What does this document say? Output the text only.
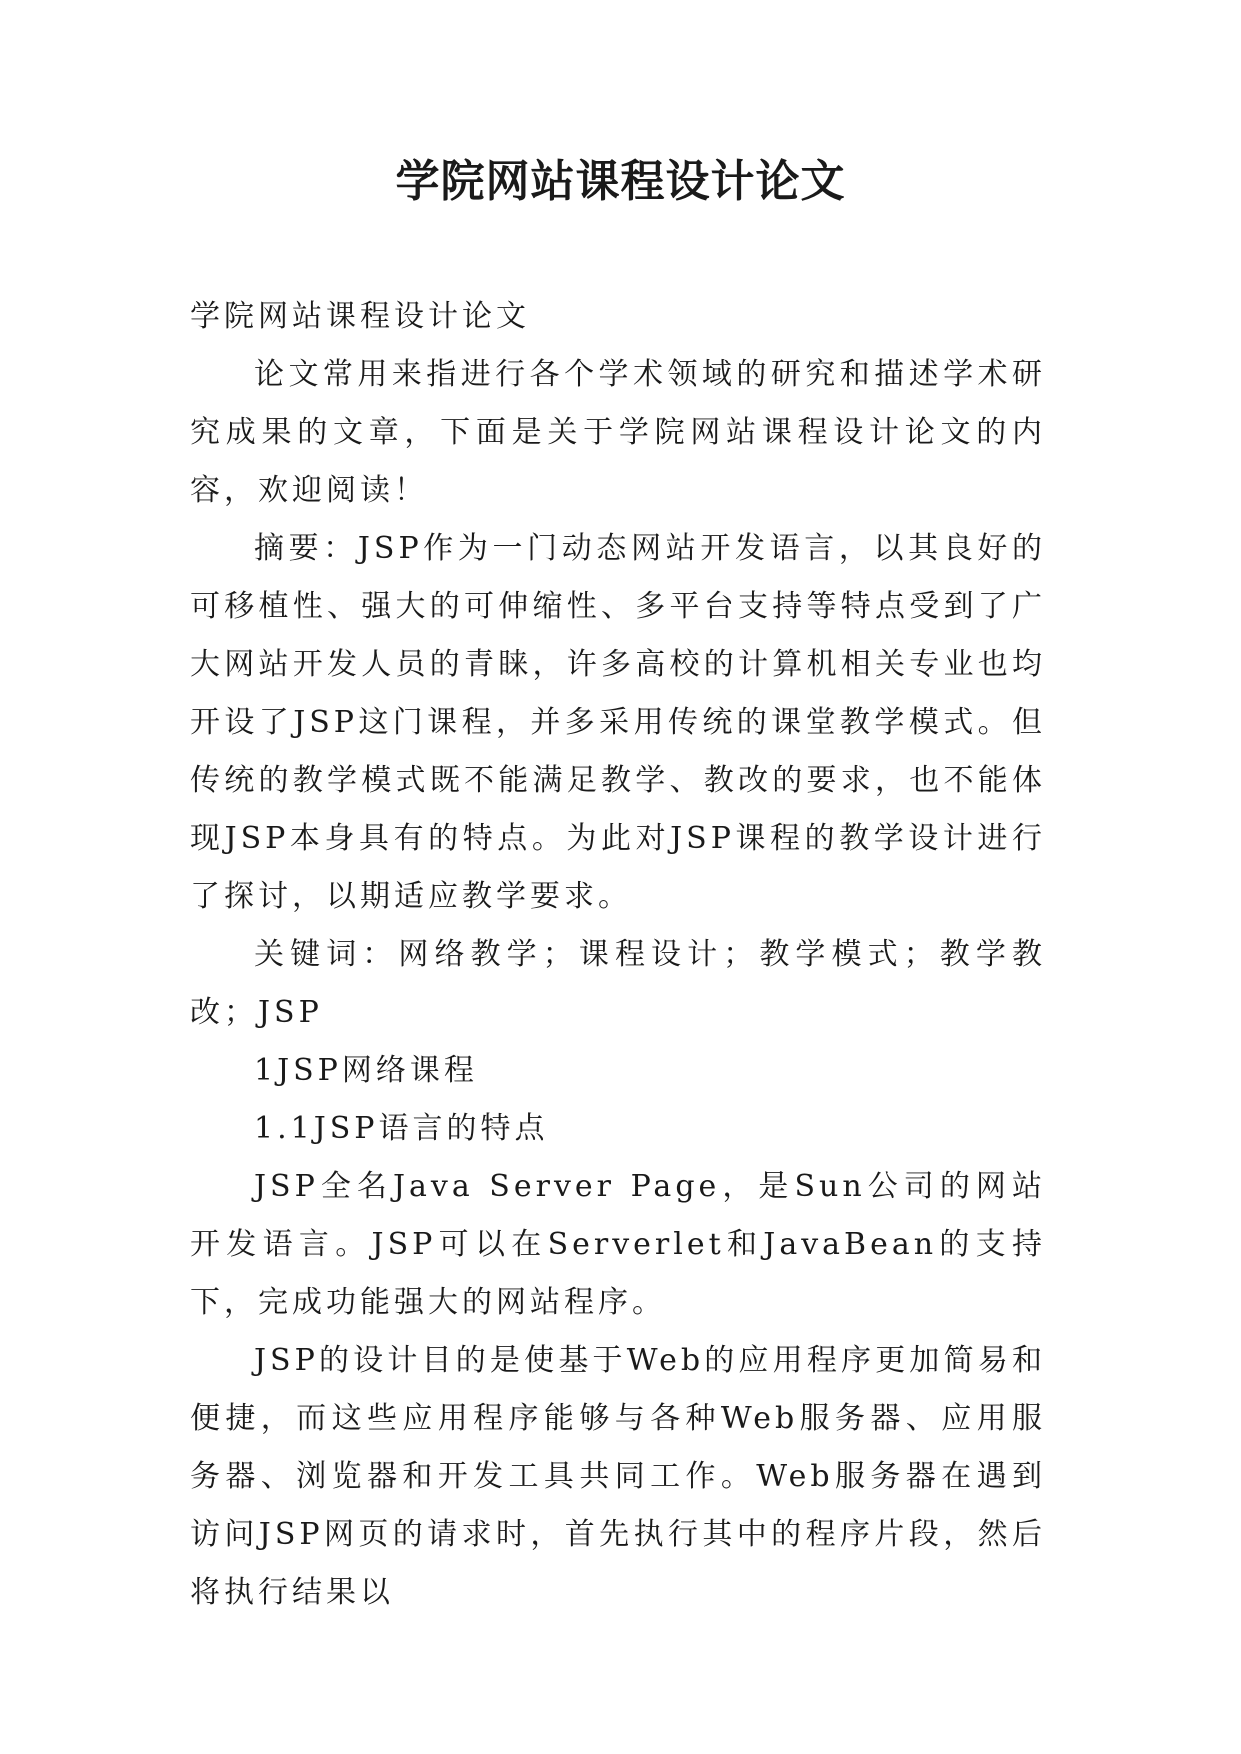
学院网站课程设计论文

学院网站课程设计论文

论文常用来指进行各个学术领域的研究和描述学术研究成果的文章，下面是关于学院网站课程设计论文的内容，欢迎阅读！

摘要：JSP作为一门动态网站开发语言，以其良好的可移植性、强大的可伸缩性、多平台支持等特点受到了广大网站开发人员的青睐，许多高校的计算机相关专业也均开设了JSP这门课程，并多采用传统的课堂教学模式。但传统的教学模式既不能满足教学、教改的要求，也不能体现JSP本身具有的特点。为此对JSP课程的教学设计进行了探讨，以期适应教学要求。

关键词：网络教学；课程设计；教学模式；教学教改；JSP

1JSP网络课程

1.1JSP语言的特点

JSP全名Java Server Page，是Sun公司的网站开发语言。JSP可以在Serverlet和JavaBean的支持下，完成功能强大的网站程序。

JSP的设计目的是使基于Web的应用程序更加简易和便捷，而这些应用程序能够与各种Web服务器、应用服务器、浏览器和开发工具共同工作。Web服务器在遇到访问JSP网页的请求时，首先执行其中的程序片段，然后将执行结果以
